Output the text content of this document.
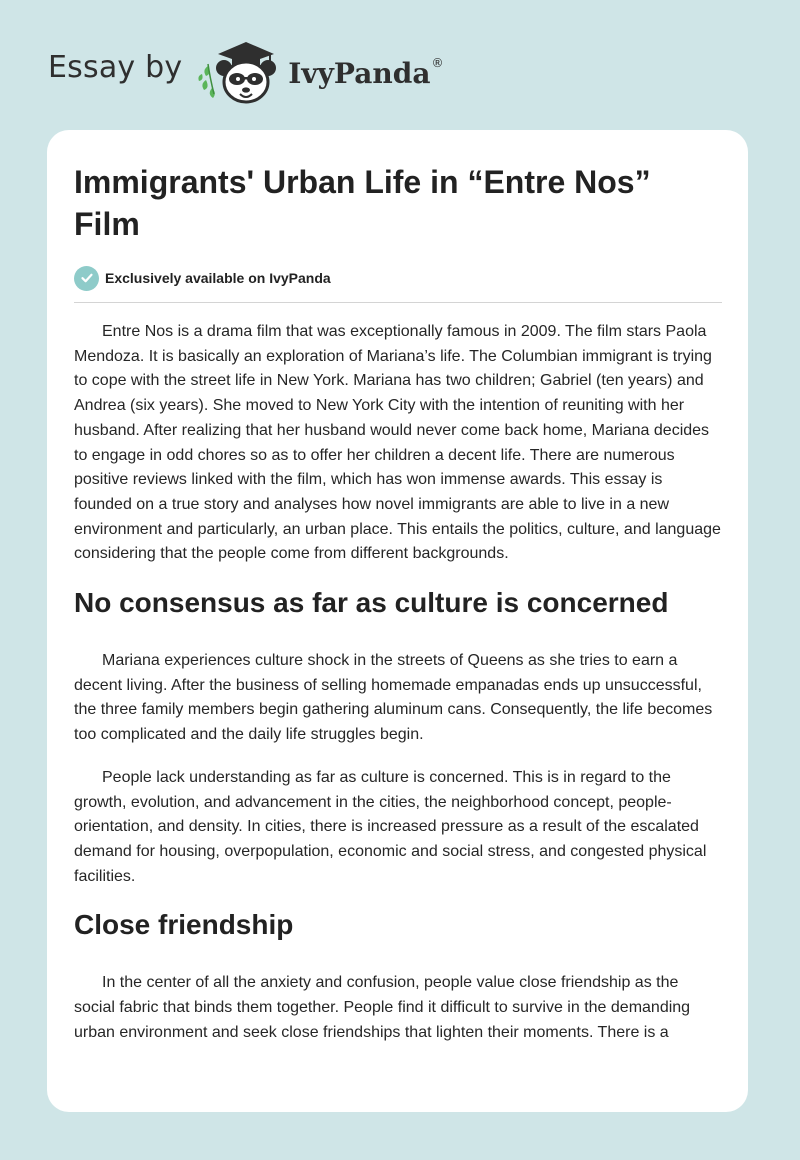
Essay by	IvyPanda ®
Immigrants' Urban Life in “Entre Nos” Film
Exclusively available on IvyPanda

Entre Nos is a drama film that was exceptionally famous in 2009. The film stars Paola Mendoza. It is basically an exploration of Mariana’s life. The Columbian immigrant is trying to cope with the street life in New York. Mariana has two children; Gabriel (ten years) and Andrea (six years). She moved to New York City with the intention of reuniting with her husband. After realizing that her husband would never come back home, Mariana decides to engage in odd chores so as to offer her children a decent life. There are numerous positive reviews linked with the film, which has won immense awards. This essay is founded on a true story and analyses how novel immigrants are able to live in a new environment and particularly, an urban place. This entails the politics, culture, and language considering that the people come from different backgrounds.

No consensus as far as culture is concerned

Mariana experiences culture shock in the streets of Queens as she tries to earn a decent living. After the business of selling homemade empanadas ends up unsuccessful, the three family members begin gathering aluminum cans. Consequently, the life becomes too complicated and the daily life struggles begin.

People lack understanding as far as culture is concerned. This is in regard to the growth, evolution, and advancement in the cities, the neighborhood concept, people-orientation, and density. In cities, there is increased pressure as a result of the escalated demand for housing, overpopulation, economic and social stress, and congested physical facilities.

Close friendship

In the center of all the anxiety and confusion, people value close friendship as the social fabric that binds them together. People find it difficult to survive in the demanding urban environment and seek close friendships that lighten their moments. There is a
